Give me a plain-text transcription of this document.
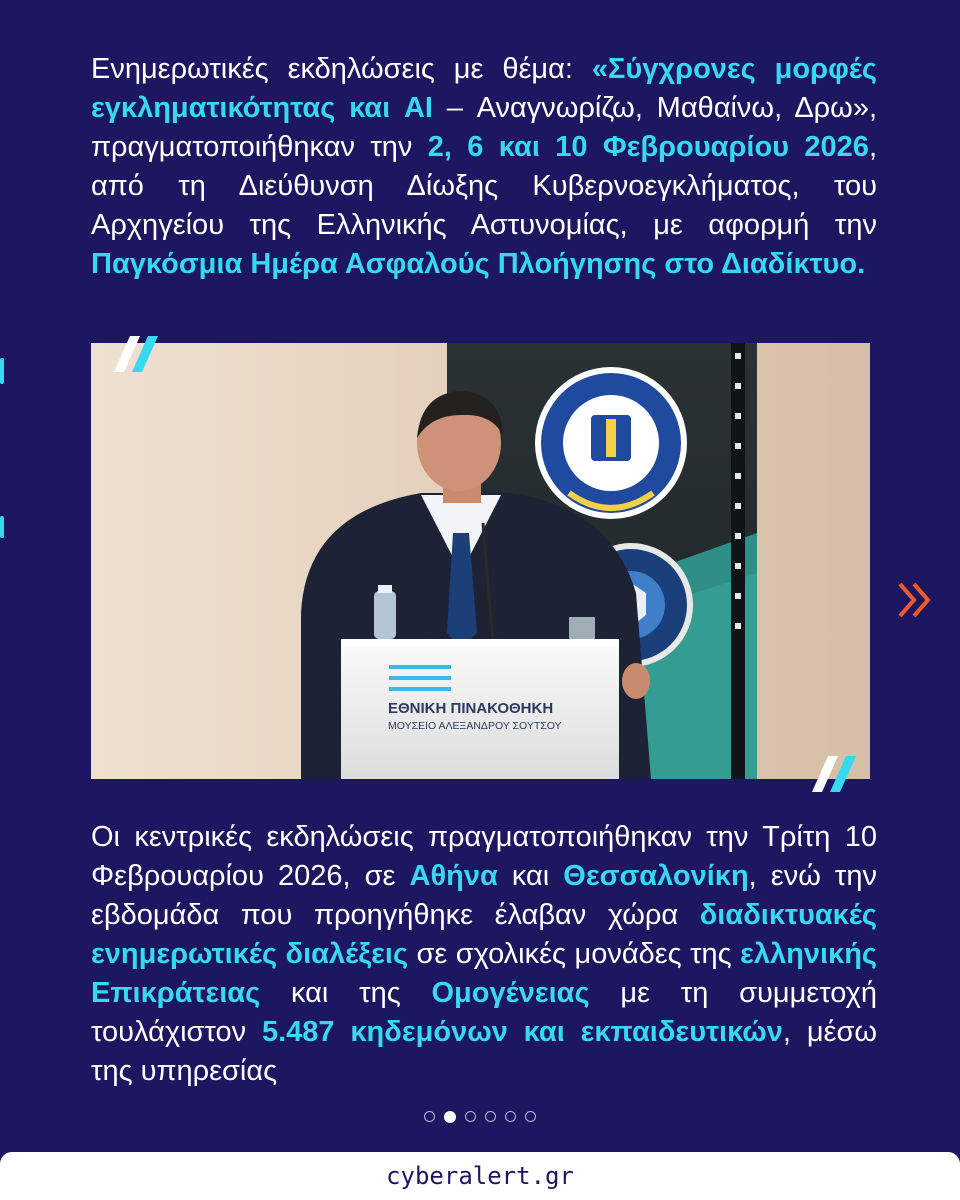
Ενημερωτικές εκδηλώσεις με θέμα: «Σύγχρονες μορφές εγκληματικότητας και AI – Αναγνωρίζω, Μαθαίνω, Δρω», πραγματοποιήθηκαν την 2, 6 και 10 Φεβρουαρίου 2026, από τη Διεύθυνση Δίωξης Κυβερνοεγκλήματος, του Αρχηγείου της Ελληνικής Αστυνομίας, με αφορμή την Παγκόσμια Ημέρα Ασφαλούς Πλοήγησης στο Διαδίκτυο.

ΕΘΝΙΚΗ ΠΙΝΑΚΟΘΗΚΗ
ΜΟΥΣΕΙΟ ΑΛΕΞΑΝΔΡΟΥ ΣΟΥΤΣΟΥ

Οι κεντρικές εκδηλώσεις πραγματοποιήθηκαν την Τρίτη 10 Φεβρουαρίου 2026, σε Αθήνα και Θεσσαλονίκη, ενώ την εβδομάδα που προηγήθηκε έλαβαν χώρα διαδικτυακές ενημερωτικές διαλέξεις σε σχολικές μονάδες της ελληνικής Επικράτειας και της Ομογένειας με τη συμμετοχή τουλάχιστον 5.487 κηδεμόνων και εκπαιδευτικών, μέσω της υπηρεσίας

cyberalert.gr
